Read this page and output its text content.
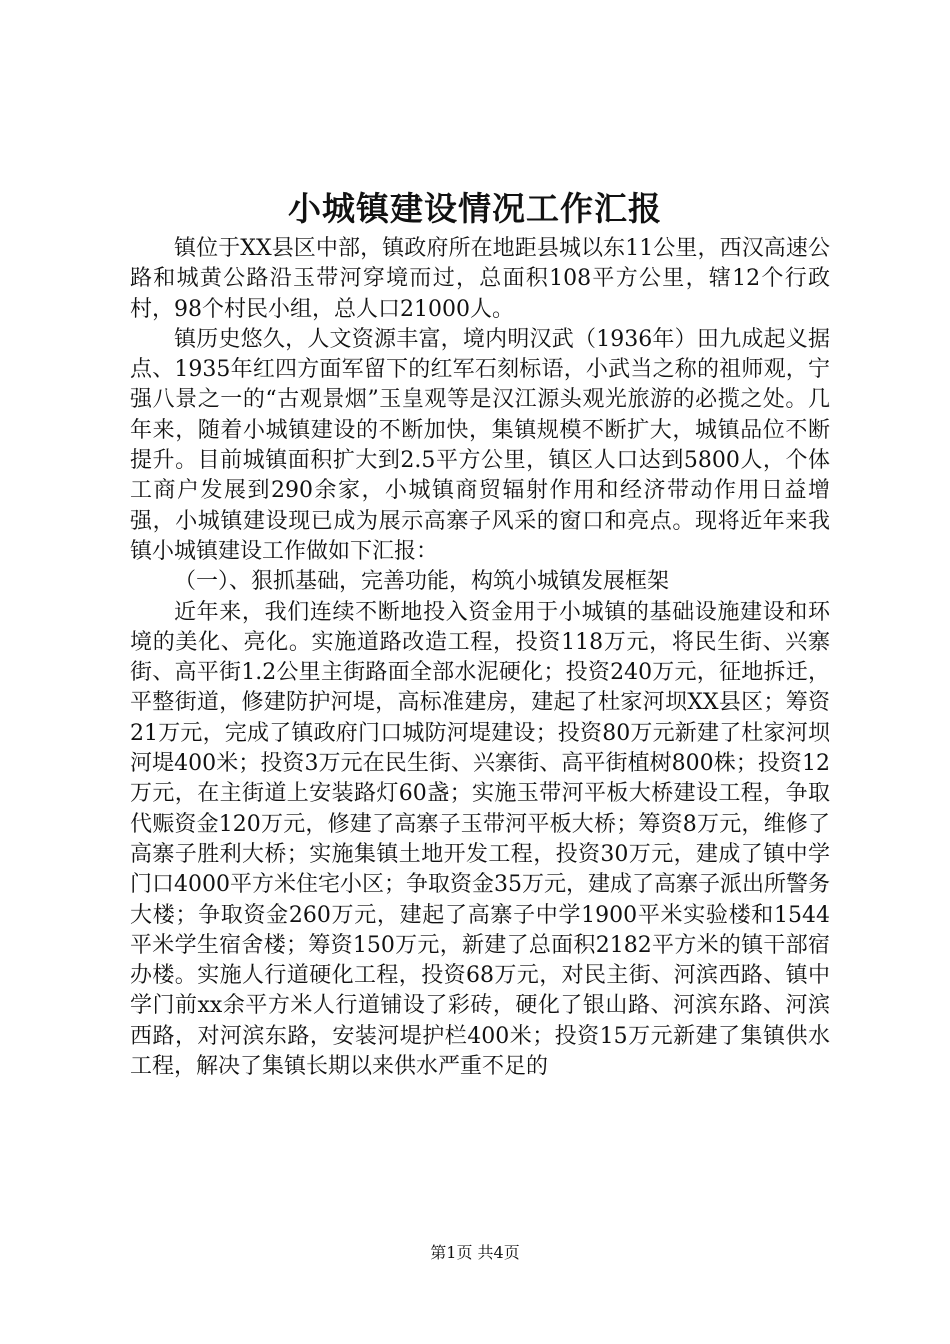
小城镇建设情况工作汇报

镇位于XX县区中部，镇政府所在地距县城以东11公里，西汉高速公路和城黄公路沿玉带河穿境而过，总面积108平方公里，辖12个行政村，98个村民小组，总人口21000人。

镇历史悠久，人文资源丰富，境内明汉武（1936年）田九成起义据点、1935年红四方面军留下的红军石刻标语，小武当之称的祖师观，宁强八景之一的“古观景烟”玉皇观等是汉江源头观光旅游的必揽之处。几年来，随着小城镇建设的不断加快，集镇规模不断扩大，城镇品位不断提升。目前城镇面积扩大到2.5平方公里，镇区人口达到5800人，个体工商户发展到290余家，小城镇商贸辐射作用和经济带动作用日益增强，小城镇建设现已成为展示高寨子风采的窗口和亮点。现将近年来我镇小城镇建设工作做如下汇报：

（一）、狠抓基础，完善功能，构筑小城镇发展框架

近年来，我们连续不断地投入资金用于小城镇的基础设施建设和环境的美化、亮化。实施道路改造工程，投资118万元，将民生街、兴寨街、高平街1.2公里主街路面全部水泥硬化；投资240万元，征地拆迁，平整街道，修建防护河堤，高标准建房，建起了杜家河坝XX县区；筹资21万元，完成了镇政府门口城防河堤建设；投资80万元新建了杜家河坝河堤400米；投资3万元在民生街、兴寨街、高平街植树800株；投资12万元，在主街道上安装路灯60盏；实施玉带河平板大桥建设工程，争取代赈资金120万元，修建了高寨子玉带河平板大桥；筹资8万元，维修了高寨子胜利大桥；实施集镇土地开发工程，投资30万元，建成了镇中学门口4000平方米住宅小区；争取资金35万元，建成了高寨子派出所警务大楼；争取资金260万元，建起了高寨子中学1900平米实验楼和1544平米学生宿舍楼；筹资150万元，新建了总面积2182平方米的镇干部宿办楼。实施人行道硬化工程，投资68万元，对民主街、河滨西路、镇中学门前xx余平方米人行道铺设了彩砖，硬化了银山路、河滨东路、河滨西路，对河滨东路，安装河堤护栏400米；投资15万元新建了集镇供水工程，解决了集镇长期以来供水严重不足的

第1页 共4页
